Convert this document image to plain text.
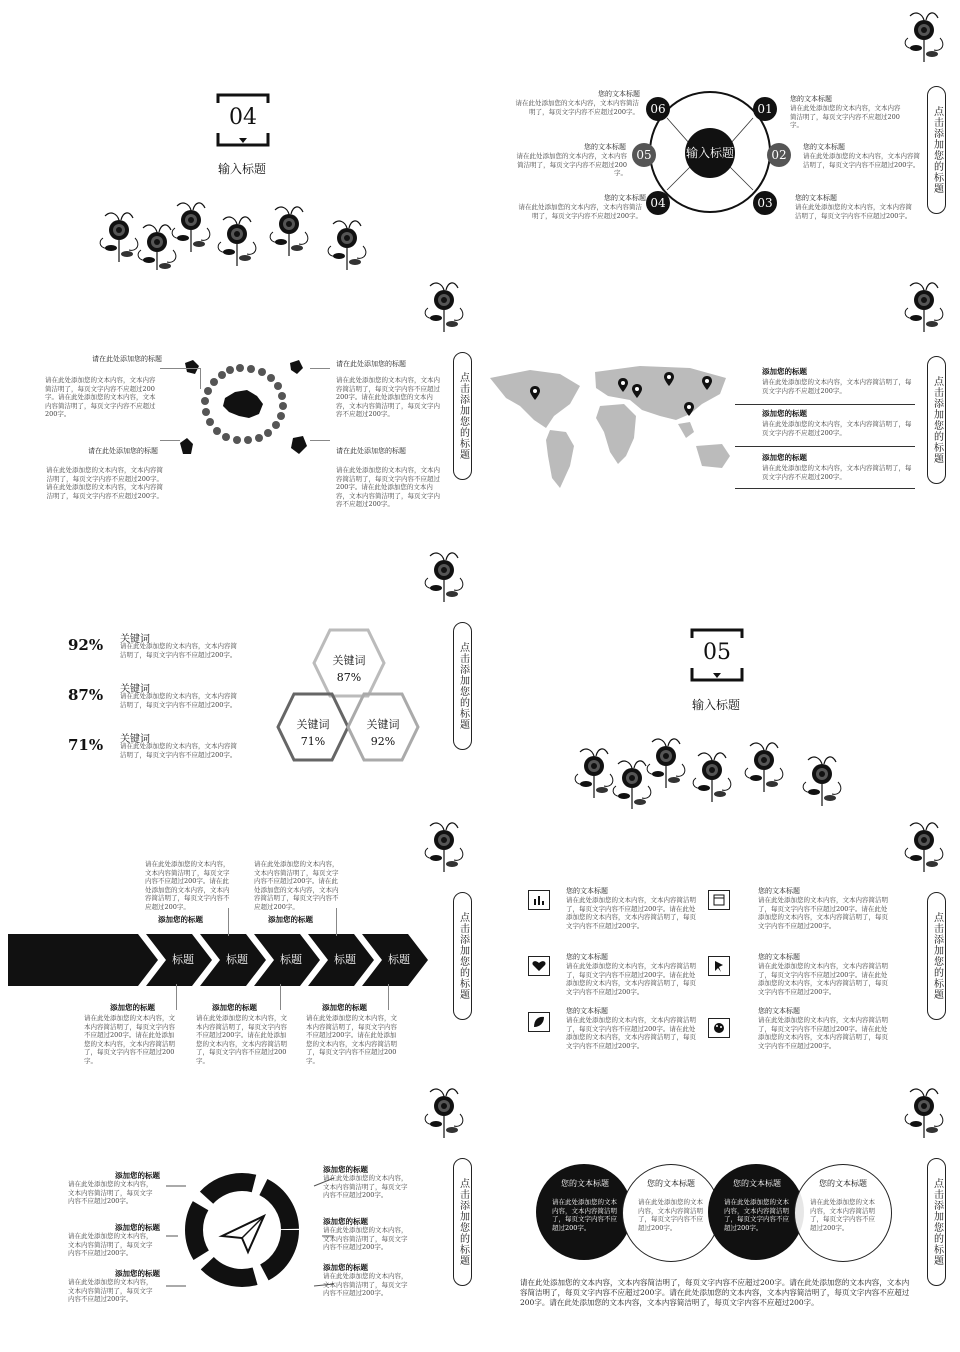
04
输入标题
输入标题
01
02
03
04
05
06
您的文本标题
请在此处添加您的文本内容，文本内容简洁明了，每页文字内容不应超过200字。
您的文本标题
请在此处添加您的文本内容，文本内容简洁明了，每页文字内容不应超过200字。
您的文本标题
请在此处添加您的文本内容，文本内容简洁明了，每页文字内容不应超过200字。
您的文本标题
请在此处添加您的文本内容，文本内容简洁明了，每页文字内容不应超过200字。
您的文本标题
请在此处添加您的文本内容，文本内容简洁明了，每页文字内容不应超过200字。
您的文本标题
请在此处添加您的文本内容，文本内容简洁明了，每页文字内容不应超过200字。	点击添加您的标题
请在此处添加您的标题
请在此处添加您的文本内容，文本内容简洁明了，每页文字内容不应超过200字。请在此处添加您的文本内容，文本内容简洁明了，每页文字内容不应超过200字。
请在此处添加您的标题
请在此处添加您的文本内容，文本内容简洁明了，每页文字内容不应超过200字。请在此处添加您的文本内容，文本内容简洁明了，每页文字内容不应超过200字。
请在此处添加您的标题
请在此处添加您的文本内容，文本内容简洁明了，每页文字内容不应超过200字。请在此处添加您的文本内容，文本内容简洁明了，每页文字内容不应超过200字。
请在此处添加您的标题
请在此处添加您的文本内容，文本内容简洁明了，每页文字内容不应超过200字。请在此处添加您的文本内容，文本内容简洁明了，每页文字内容不应超过200字。
点击添加您的标题
添加您的标题
请在此处添加您的文本内容，文本内容简洁明了，每页文字内容不应超过200字。
添加您的标题
请在此处添加您的文本内容，文本内容简洁明了，每页文字内容不应超过200字。
添加您的标题
请在此处添加您的文本内容，文本内容简洁明了，每页文字内容不应超过200字。
点击添加您的标题
92% 关键词
请在此处添加您的文本内容，文本内容简洁明了，每页文字内容不应超过200字。
87% 关键词
请在此处添加您的文本内容，文本内容简洁明了，每页文字内容不应超过200字。
71% 关键词
请在此处添加您的文本内容，文本内容简洁明了，每页文字内容不应超过200字。
关键词
87%
关键词
71%
关键词
92%
点击添加您的标题	05
输入标题
标题	标题	标题	标题	标题
请在此处添加您的文本内容，文本内容简洁明了，每页文字内容不应超过200字。请在此处添加您的文本内容，文本内容简洁明了，每页文字内容不应超过200字。
添加您的标题
请在此处添加您的文本内容，文本内容简洁明了，每页文字内容不应超过200字。请在此处添加您的文本内容，文本内容简洁明了，每页文字内容不应超过200字。
添加您的标题
添加您的标题
请在此处添加您的文本内容，文本内容简洁明了，每页文字内容不应超过200字。请在此处添加您的文本内容，文本内容简洁明了，每页文字内容不应超过200字。
添加您的标题
请在此处添加您的文本内容，文本内容简洁明了，每页文字内容不应超过200字。请在此处添加您的文本内容，文本内容简洁明了，每页文字内容不应超过200字。
添加您的标题
请在此处添加您的文本内容，文本内容简洁明了，每页文字内容不应超过200字。请在此处添加您的文本内容，文本内容简洁明了，每页文字内容不应超过200字。
点击添加您的标题
您的文本标题
请在此处添加您的文本内容，文本内容简洁明了，每页文字内容不应超过200字。请在此处添加您的文本内容，文本内容简洁明了，每页文字内容不应超过200字。
您的文本标题
请在此处添加您的文本内容，文本内容简洁明了，每页文字内容不应超过200字。请在此处添加您的文本内容，文本内容简洁明了，每页文字内容不应超过200字。
您的文本标题
请在此处添加您的文本内容，文本内容简洁明了，每页文字内容不应超过200字。请在此处添加您的文本内容，文本内容简洁明了，每页文字内容不应超过200字。
您的文本标题
请在此处添加您的文本内容，文本内容简洁明了，每页文字内容不应超过200字。请在此处添加您的文本内容，文本内容简洁明了，每页文字内容不应超过200字。
您的文本标题
请在此处添加您的文本内容，文本内容简洁明了，每页文字内容不应超过200字。请在此处添加您的文本内容，文本内容简洁明了，每页文字内容不应超过200字。
您的文本标题
请在此处添加您的文本内容，文本内容简洁明了，每页文字内容不应超过200字。请在此处添加您的文本内容，文本内容简洁明了，每页文字内容不应超过200字。
点击添加您的标题
添加您的标题
请在此处添加您的文本内容，文本内容简洁明了，每页文字内容不应超过200字。
添加您的标题
请在此处添加您的文本内容，文本内容简洁明了，每页文字内容不应超过200字。
添加您的标题
请在此处添加您的文本内容，文本内容简洁明了，每页文字内容不应超过200字。
添加您的标题
请在此处添加您的文本内容，文本内容简洁明了，每页文字内容不应超过200字。
添加您的标题
请在此处添加您的文本内容，文本内容简洁明了，每页文字内容不应超过200字。
添加您的标题
请在此处添加您的文本内容，文本内容简洁明了，每页文字内容不应超过200字。
点击添加您的标题	您的文本标题
请在此处添加您的文本内容，文本内容简洁明了，每页文字内容不应超过200字。
您的文本标题
请在此处添加您的文本内容，文本内容简洁明了，每页文字内容不应超过200字。
您的文本标题
请在此处添加您的文本内容，文本内容简洁明了，每页文字内容不应超过200字。
您的文本标题
请在此处添加您的文本内容，文本内容简洁明了，每页文字内容不应超过200字。
请在此处添加您的文本内容，文本内容简洁明了，每页文字内容不应超过200字。请在此处添加您的文本内容，文本内容简洁明了，每页文字内容不应超过200字。请在此处添加您的文本内容，文本内容简洁明了，每页文字内容不应超过200字。请在此处添加您的文本内容，文本内容简洁明了，每页文字内容不应超过200字。
点击添加您的标题
